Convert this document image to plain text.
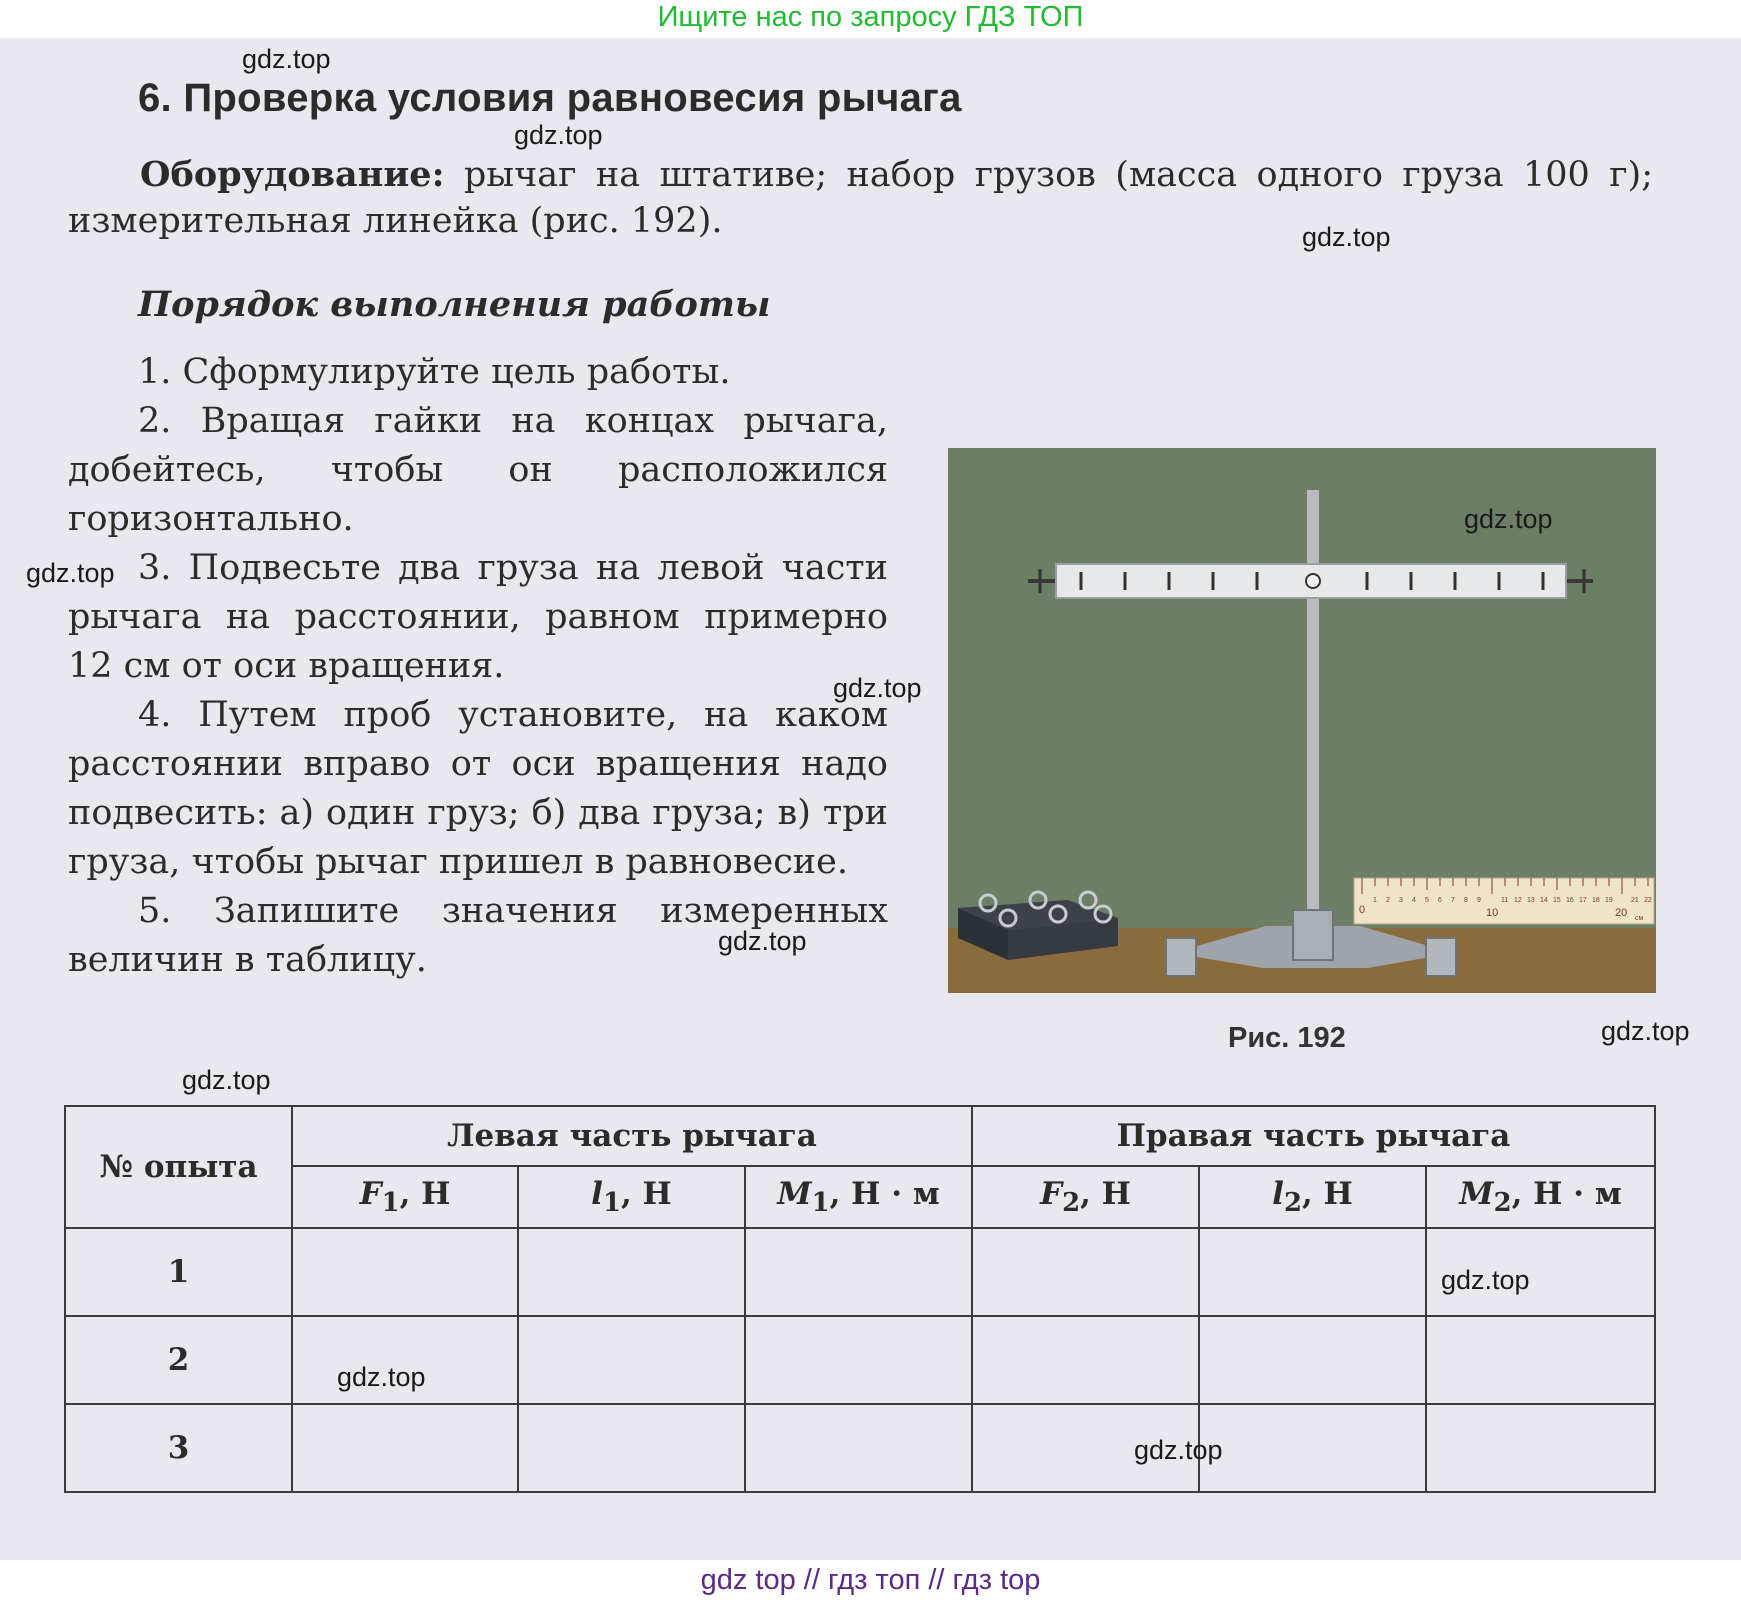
Ищите нас по запросу ГДЗ ТОП
6. Проверка условия равновесия рычага
Оборудование: рычаг на штативе; набор грузов (масса одного груза 100 г); измерительная линейка (рис. 192).
Порядок выполнения работы

1. Сформулируйте цель работы.

2. Вращая гайки на концах рычага, добейтесь, чтобы он расположился горизонтально.

3. Подвесьте два груза на левой части рычага на расстоянии, равном примерно 12 см от оси вращения.

4. Путем проб установите, на каком расстоянии вправо от оси вращения надо подвесить: а) один груз; б) два груза; в) три груза, чтобы рычаг пришел в равновесие.

5. Запишите значения измеренных величин в таблицу.

0	10	20 см
1 2 3 4 5 6 7 8 9	11 12 13 14 15 16 17 18 19	21 22
Рис. 192
№ опыта	Левая часть рычага			Правая часть рычага		
	$F_1$, Н	$l_1$, Н	$M_1$, Н · м	$F_2$, Н	$l_2$, Н	$M_2$, Н · м
1						
2						
3						
gdz.top
gdz.top
gdz.top
gdz.top
gdz.top
gdz.top
gdz.top
gdz.top
gdz.top
gdz.top
gdz.top
gdz.top
gdz top // гдз топ // гдз top
